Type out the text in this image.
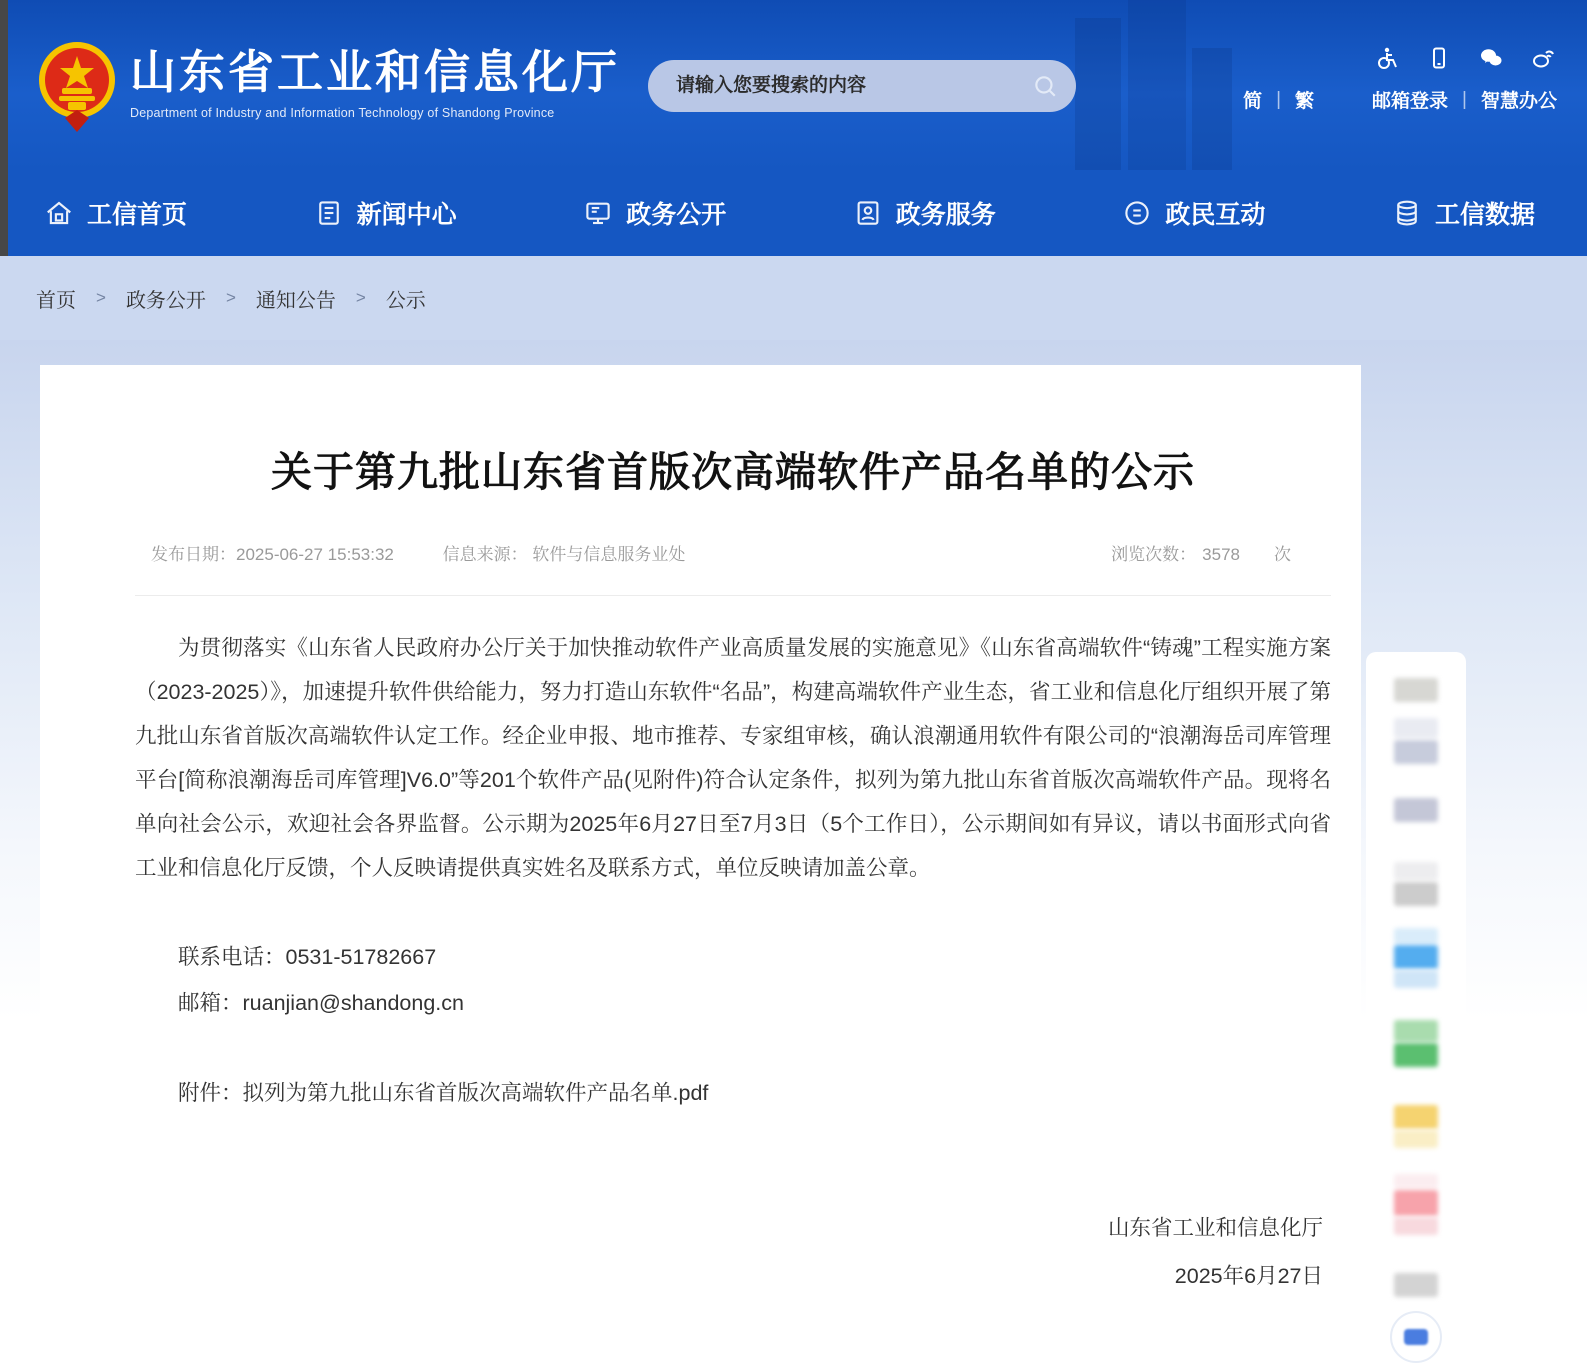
山东省工业和信息化厅
Department of Industry and Information Technology of Shandong Province
请输入您要搜索的内容
简 | 繁	邮箱登录 | 智慧办公
工信首页	新闻中心	政务公开	政务服务	政民互动	工信数据
首页 > 政务公开 > 通知公告 > 公示
关于第九批山东省首版次高端软件产品名单的公示
发布日期：2025-06-27 15:53:32	信息来源： 软件与信息服务业处	浏览次数： 3578 次

为贯彻落实《山东省人民政府办公厅关于加快推动软件产业高质量发展的实施意见》《山东省高端软件“铸魂”工程实施方案（2023-2025）》，加速提升软件供给能力，努力打造山东软件“名品”，构建高端软件产业生态，省工业和信息化厅组织开展了第九批山东省首版次高端软件认定工作。经企业申报、地市推荐、专家组审核，确认浪潮通用软件有限公司的“浪潮海岳司库管理平台[简称浪潮海岳司库管理]V6.0”等201个软件产品(见附件)符合认定条件，拟列为第九批山东省首版次高端软件产品。现将名单向社会公示，欢迎社会各界监督。公示期为2025年6月27日至7月3日（5个工作日），公示期间如有异议，请以书面形式向省工业和信息化厅反馈，个人反映请提供真实姓名及联系方式，单位反映请加盖公章。

联系电话：0531-51782667

邮箱：ruanjian@shandong.cn

附件：拟列为第九批山东省首版次高端软件产品名单.pdf

山东省工业和信息化厅
2025年6月27日
